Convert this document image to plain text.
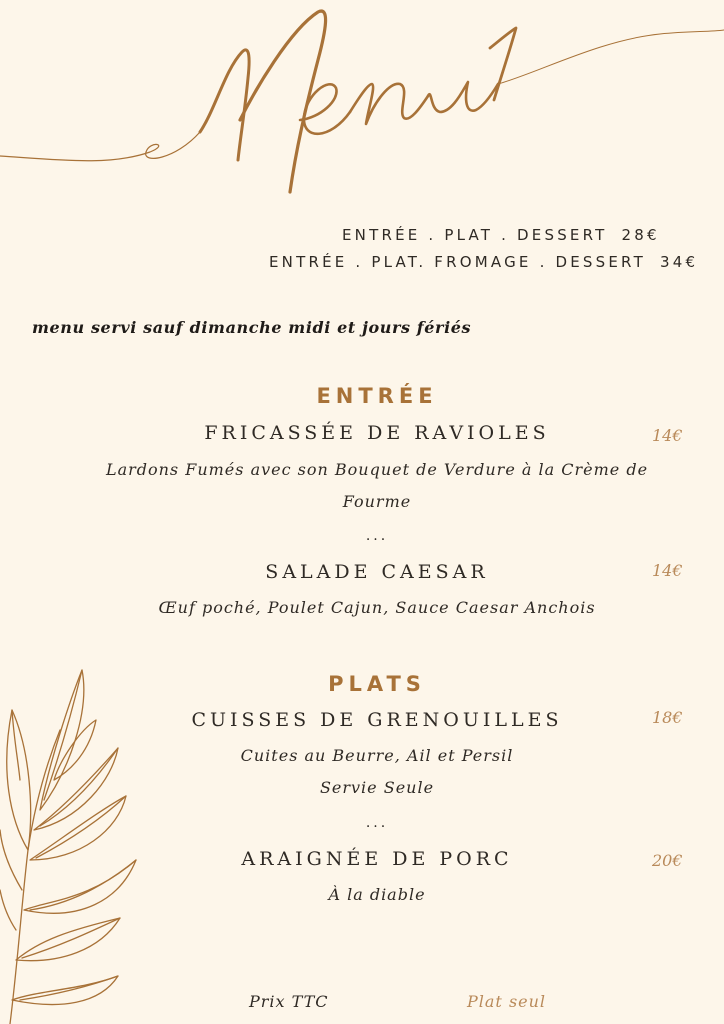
ENTRÉE . PLAT . DESSERT 28€
ENTRÉE . PLAT. FROMAGE . DESSERT 34€
menu servi sauf dimanche midi et jours fériés
ENTRÉE
FRICASSÉE DE RAVIOLES	14€
Lardons Fumés avec son Bouquet de Verdure à la Crème de
Fourme
...
SALADE CAESAR	14€
Œuf poché, Poulet Cajun, Sauce Caesar Anchois
PLATS
CUISSES DE GRENOUILLES	18€
Cuites au Beurre, Ail et Persil
Servie Seule
...
ARAIGNÉE DE PORC	20€
À la diable
Prix TTC	Plat seul
